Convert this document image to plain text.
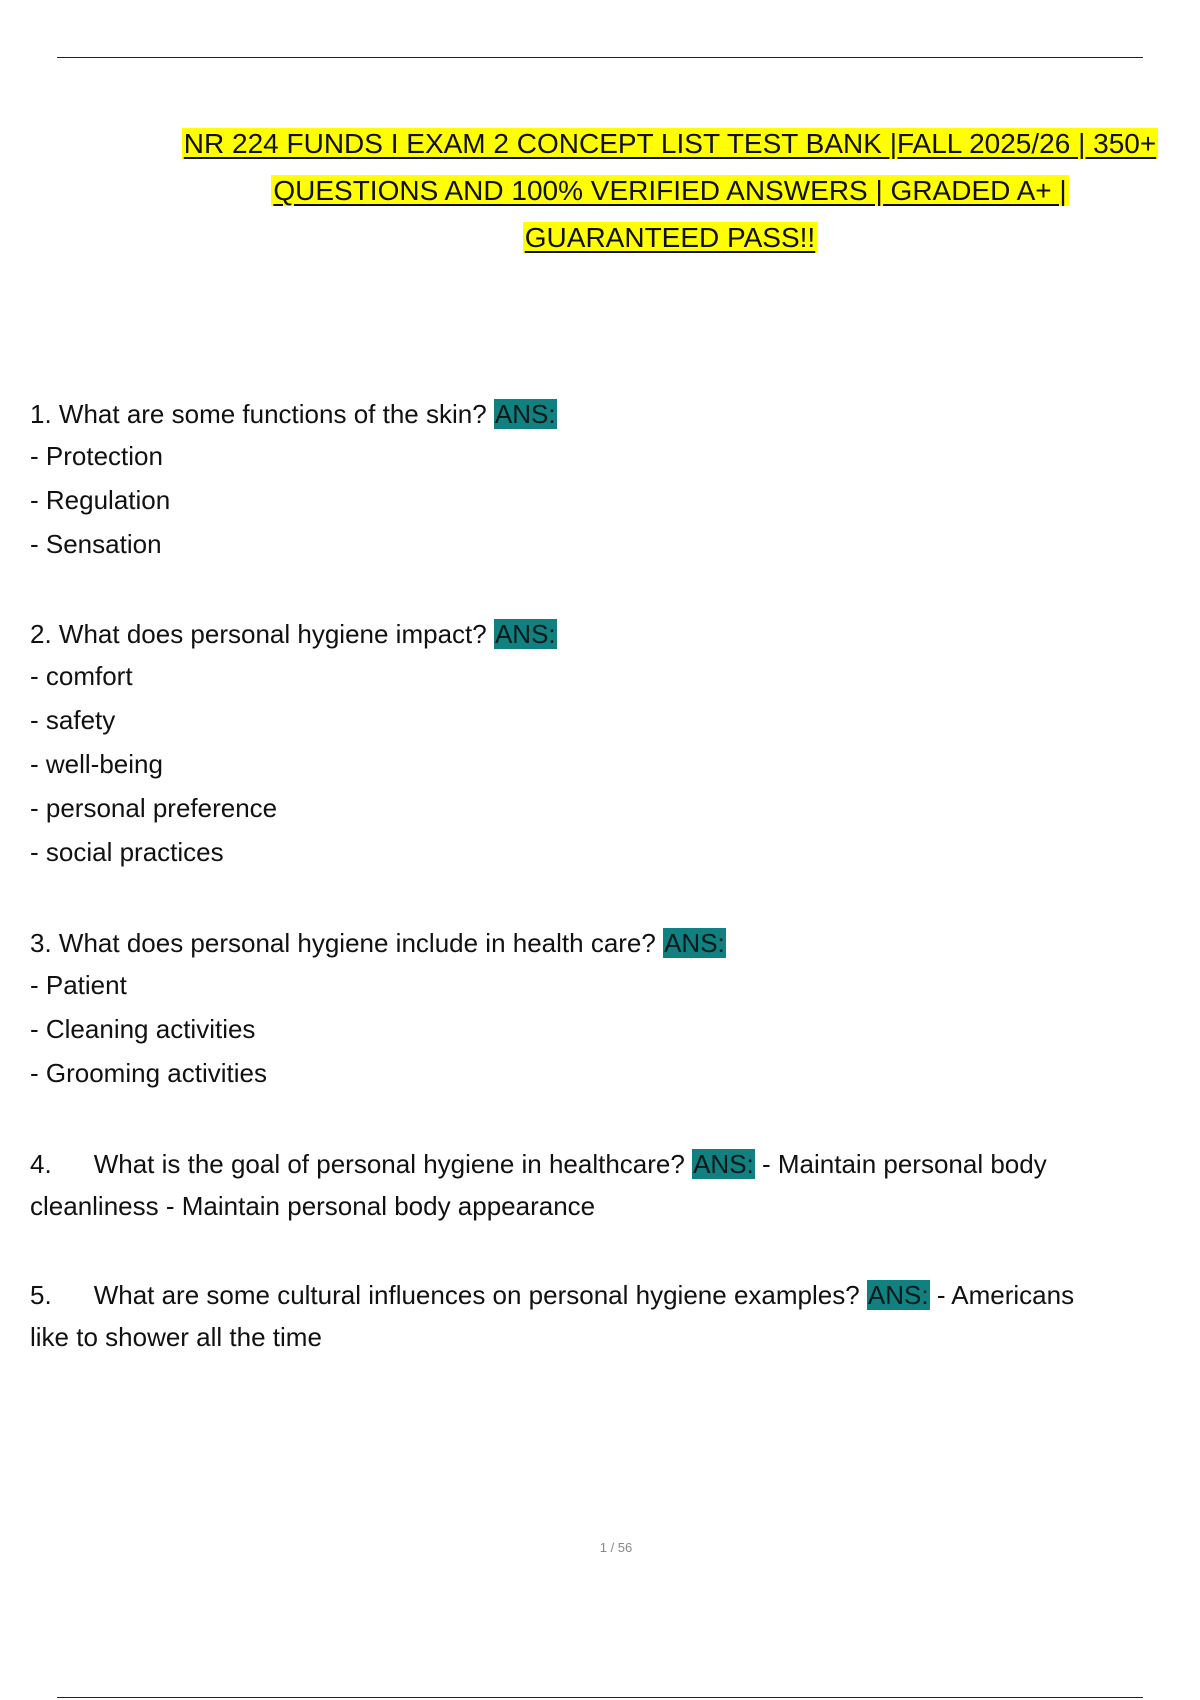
NR 224 FUNDS I EXAM 2 CONCEPT LIST TEST BANK |FALL 2025/26 | 350+
QUESTIONS AND 100% VERIFIED ANSWERS | GRADED A+ |
GUARANTEED PASS!!
1. What are some functions of the skin? ANS:
- Protection
- Regulation
- Sensation
2. What does personal hygiene impact? ANS:
- comfort
- safety
- well-being
- personal preference
- social practices
3. What does personal hygiene include in health care? ANS:
- Patient
- Cleaning activities
- Grooming activities
4. What is the goal of personal hygiene in healthcare? ANS: - Maintain personal body
cleanliness - Maintain personal body appearance
5. What are some cultural influences on personal hygiene examples? ANS: - Americans
like to shower all the time
1 / 56
